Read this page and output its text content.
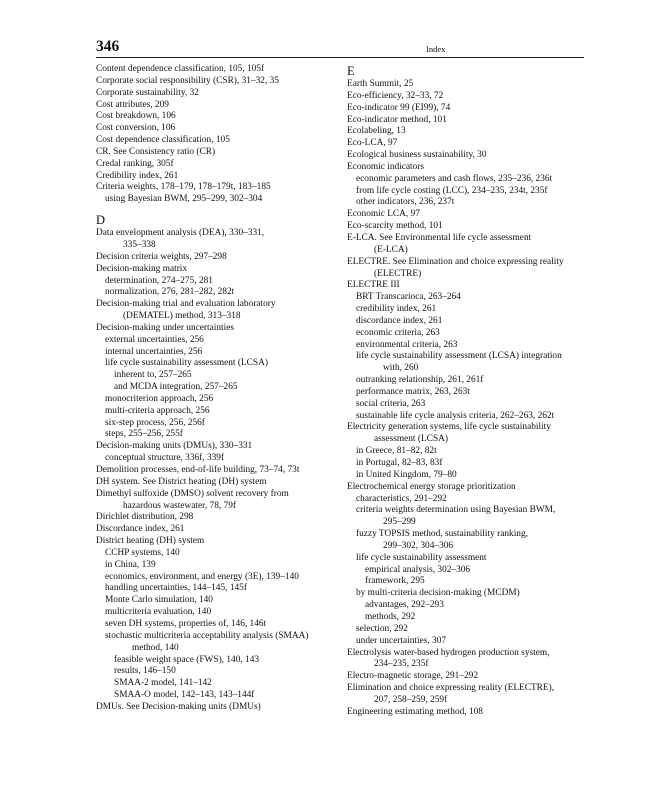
346	Index
Content dependence classification, 105, 105f
Corporate social responsibility (CSR), 31–32, 35
Corporate sustainability, 32
Cost attributes, 209
Cost breakdown, 106
Cost conversion, 106
Cost dependence classification, 105
CR. See Consistency ratio (CR)
Credal ranking, 305f
Credibility index, 261
Criteria weights, 178–179, 178–179t, 183–185
using Bayesian BWM, 295–299, 302–304
D
Data envelopment analysis (DEA), 330–331,
335–338
Decision criteria weights, 297–298
Decision-making matrix
determination, 274–275, 281
normalization, 276, 281–282, 282t
Decision-making trial and evaluation laboratory
(DEMATEL) method, 313–318
Decision-making under uncertainties
external uncertainties, 256
internal uncertainties, 256
life cycle sustainability assessment (LCSA)
inherent to, 257–265
and MCDA integration, 257–265
monocriterion approach, 256
multi-criteria approach, 256
six-step process, 256, 256f
steps, 255–256, 255f
Decision-making units (DMUs), 330–331
conceptual structure, 336f, 339f
Demolition processes, end-of-life building, 73–74, 73t
DH system. See District heating (DH) system
Dimethyl sulfoxide (DMSO) solvent recovery from
hazardous wastewater, 78, 79f
Dirichlet distribution, 298
Discordance index, 261
District heating (DH) system
CCHP systems, 140
in China, 139
economics, environment, and energy (3E), 139–140
handling uncertainties, 144–145, 145f
Monte Carlo simulation, 140
multicriteria evaluation, 140
seven DH systems, properties of, 146, 146t
stochastic multicriteria acceptability analysis (SMAA)
method, 140
feasible weight space (FWS), 140, 143
results, 146–150
SMAA-2 model, 141–142
SMAA-O model, 142–143, 143–144f
DMUs. See Decision-making units (DMUs)
E
Earth Summit, 25
Eco-efficiency, 32–33, 72
Eco-indicator 99 (EI99), 74
Eco-indicator method, 101
Ecolabeling, 13
Eco-LCA, 97
Ecological business sustainability, 30
Economic indicators
economic parameters and cash flows, 235–236, 236t
from life cycle costing (LCC), 234–235, 234t, 235f
other indicators, 236, 237t
Economic LCA, 97
Eco-scarcity method, 101
E-LCA. See Environmental life cycle assessment
(E-LCA)
ELECTRE. See Elimination and choice expressing reality
(ELECTRE)
ELECTRE III
BRT Transcarioca, 263–264
credibility index, 261
discordance index, 261
economic criteria, 263
environmental criteria, 263
life cycle sustainability assessment (LCSA) integration
with, 260
outranking relationship, 261, 261f
performance matrix, 263, 263t
social criteria, 263
sustainable life cycle analysis criteria, 262–263, 262t
Electricity generation systems, life cycle sustainability
assessment (LCSA)
in Greece, 81–82, 82t
in Portugal, 82–83, 83f
in United Kingdom, 79–80
Electrochemical energy storage prioritization
characteristics, 291–292
criteria weights determination using Bayesian BWM,
295–299
fuzzy TOPSIS method, sustainability ranking,
299–302, 304–306
life cycle sustainability assessment
empirical analysis, 302–306
framework, 295
by multi-criteria decision-making (MCDM)
advantages, 292–293
methods, 292
selection, 292
under uncertainties, 307
Electrolysis water-based hydrogen production system,
234–235, 235f
Electro-magnetic storage, 291–292
Elimination and choice expressing reality (ELECTRE),
207, 258–259, 259f
Engineering estimating method, 108
